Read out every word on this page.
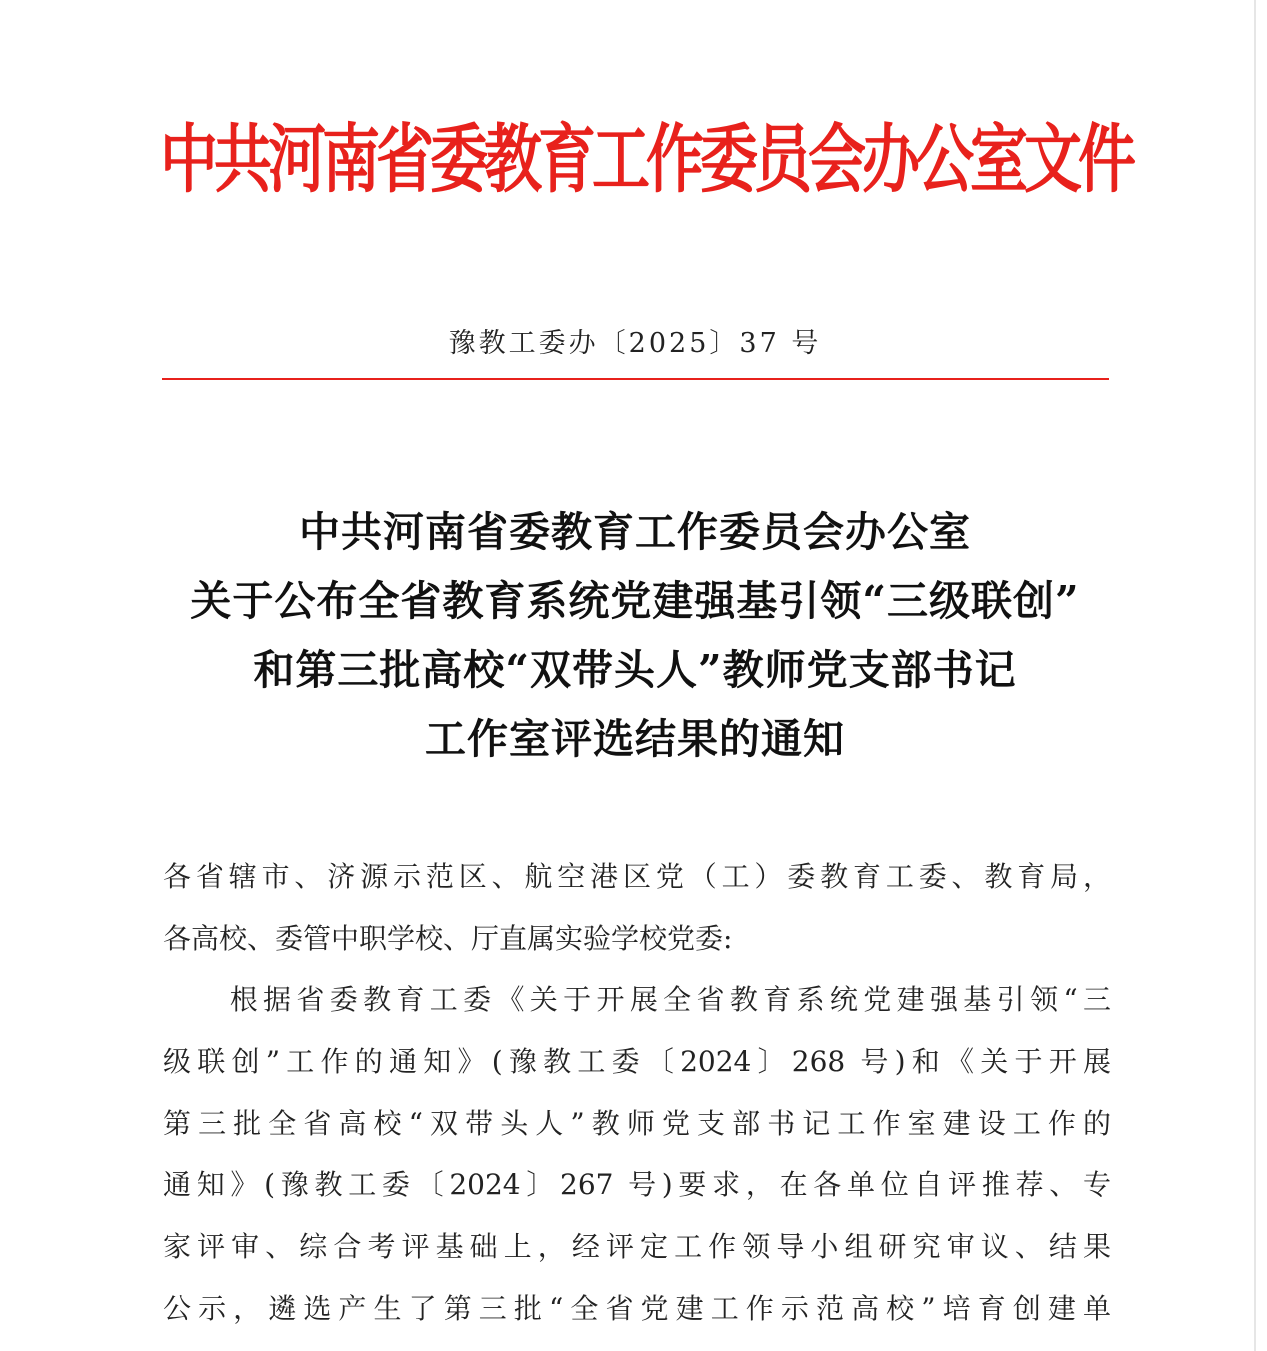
中共河南省委教育工作委员会办公室文件
豫教工委办〔2025〕37 号
中共河南省委教育工作委员会办公室
关于公布全省教育系统党建强基引领“三级联创”
和第三批高校“双带头人”教师党支部书记
工作室评选结果的通知
各省辖市、济源示范区、航空港区党（工）委教育工委、教育局，
各高校、委管中职学校、厅直属实验学校党委:
　　根据省委教育工委《关于开展全省教育系统党建强基引领“三
级联创”工作的通知》(豫教工委〔2024〕268 号)和《关于开展
第三批全省高校“双带头人”教师党支部书记工作室建设工作的
通知》(豫教工委〔2024〕267 号)要求，在各单位自评推荐、专
家评审、综合考评基础上，经评定工作领导小组研究审议、结果
公示，遴选产生了第三批“全省党建工作示范高校”培育创建单
